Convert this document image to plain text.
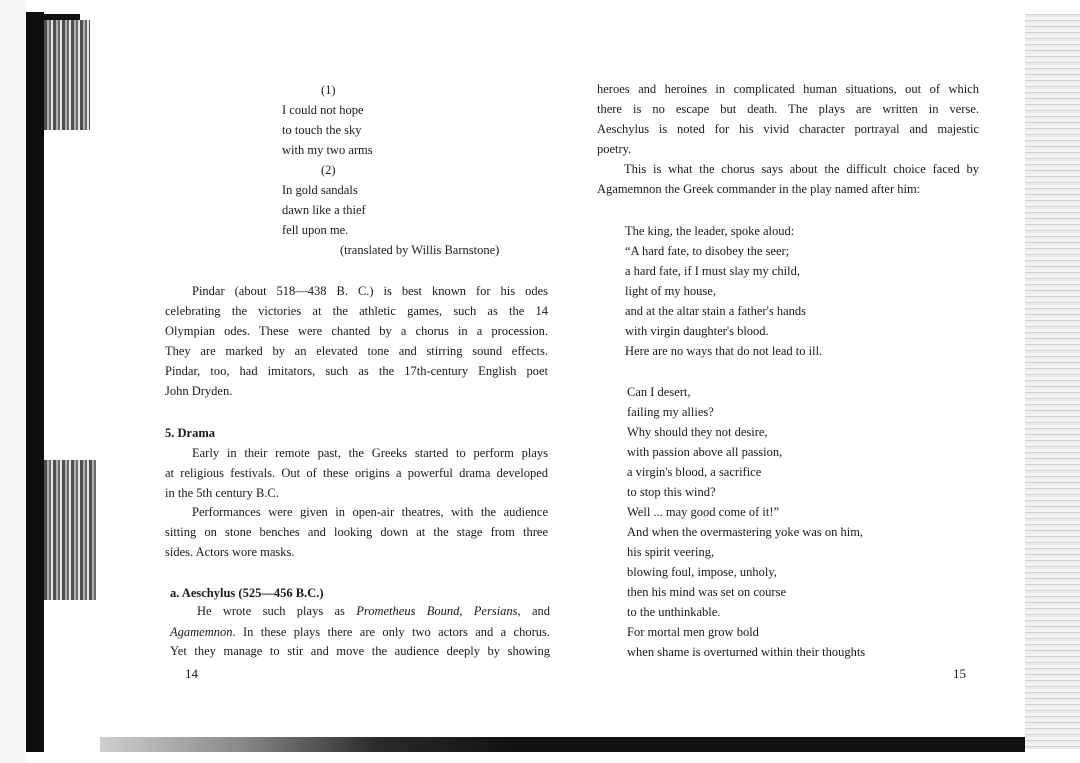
(1)
I could not hope
to touch the sky
with my two arms
(2)
In gold sandals
dawn like a thief
fell upon me.
(translated by Willis Barnstone)
Pindar (about 518—438 B. C.) is best known for his odes
celebrating the victories at the athletic games, such as the 14
Olympian odes. These were chanted by a chorus in a procession.
They are marked by an elevated tone and stirring sound effects.
Pindar, too, had imitators, such as the 17th-century English poet
John Dryden.
5. Drama
Early in their remote past, the Greeks started to perform plays
at religious festivals. Out of these origins a powerful drama developed
in the 5th century B.C.
Performances were given in open-air theatres, with the audience
sitting on stone benches and looking down at the stage from three
sides. Actors wore masks.
a. Aeschylus (525—456 B.C.)
He wrote such plays as Prometheus Bound, Persians, and
Agamemnon. In these plays there are only two actors and a chorus.
Yet they manage to stir and move the audience deeply by showing
14
heroes and heroines in complicated human situations, out of which
there is no escape but death. The plays are written in verse.
Aeschylus is noted for his vivid character portrayal and majestic
poetry.
This is what the chorus says about the difficult choice faced by
Agamemnon the Greek commander in the play named after him:
The king, the leader, spoke aloud:
“A hard fate, to disobey the seer;
a hard fate, if I must slay my child,
light of my house,
and at the altar stain a father's hands
with virgin daughter's blood.
Here are no ways that do not lead to ill.
Can I desert,
failing my allies?
Why should they not desire,
with passion above all passion,
a virgin's blood, a sacrifice
to stop this wind?
Well ... may good come of it!”
And when the overmastering yoke was on him,
his spirit veering,
blowing foul, impose, unholy,
then his mind was set on course
to the unthinkable.
For mortal men grow bold
when shame is overturned within their thoughts
15
